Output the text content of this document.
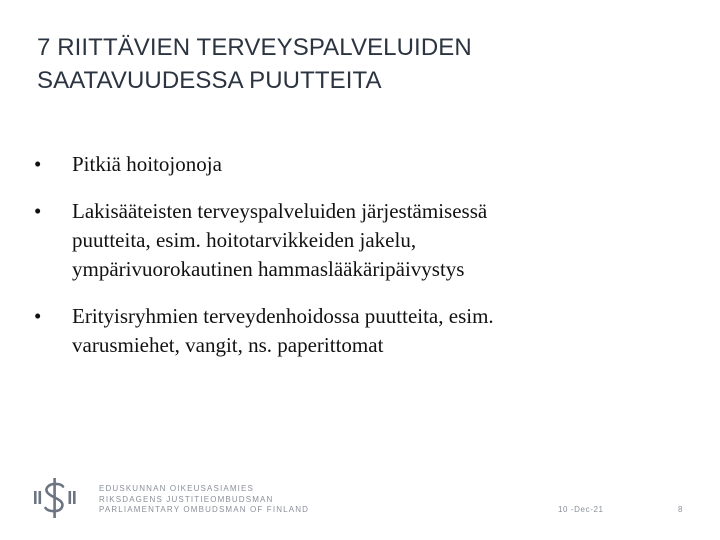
7 RIITTÄVIEN TERVEYSPALVELUIDEN
SAATAVUUDESSA PUUTTEITA
•	Pitkiä hoitojonoja
•	Lakisääteisten terveyspalveluiden järjestämisessä
puutteita, esim. hoitotarvikkeiden jakelu,
ympärivuorokautinen hammaslääkäripäivystys
•	Erityisryhmien terveydenhoidossa puutteita, esim.
varusmiehet, vangit, ns. paperittomat
EDUSKUNNAN OIKEUSASIAMIES
RIKSDAGENS JUSTITIEOMBUDSMAN
PARLIAMENTARY OMBUDSMAN OF FINLAND	10 -Dec-21	8
